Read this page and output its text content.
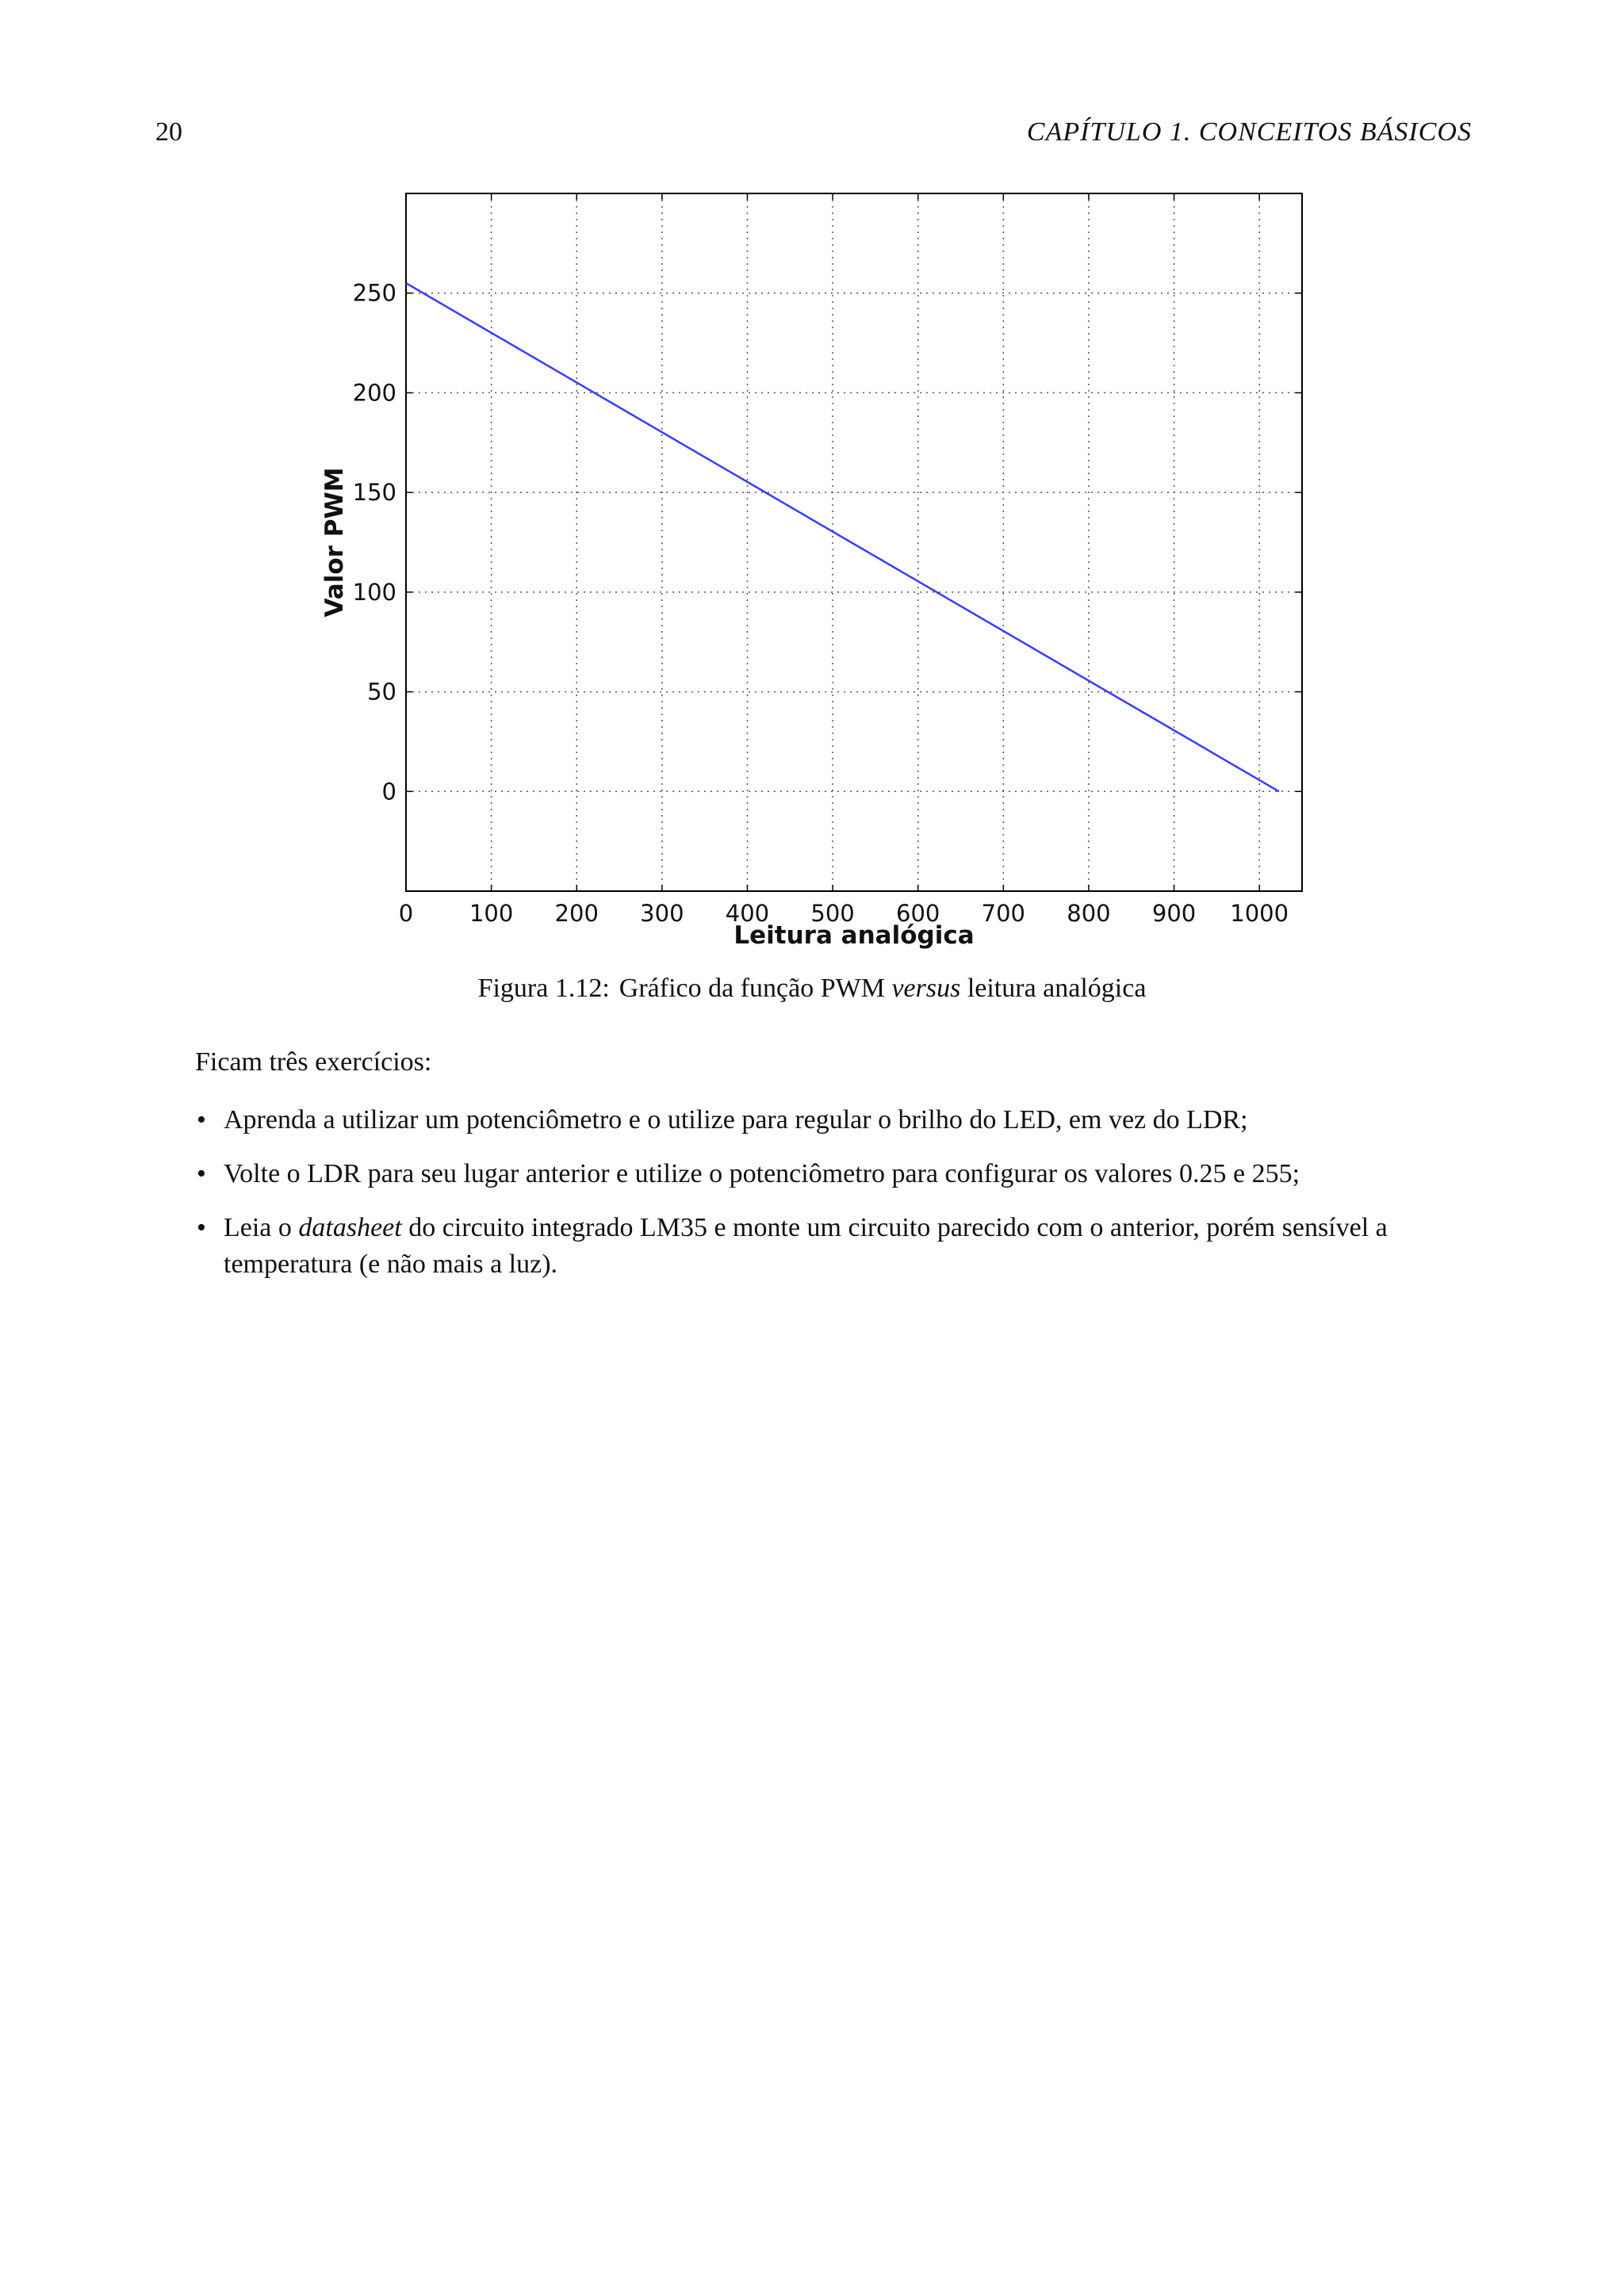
20	CAPÍTULO 1. CONCEITOS BÁSICOS
0 100 200 300 400 500 600 700 800 900 1000
0
50
100
150
200
250
Leitura analógica
Valor PWM
Figura 1.12: Gráfico da função PWM versus leitura analógica
Ficam três exercícios:
• Aprenda a utilizar um potenciômetro e o utilize para regular o brilho do LED, em vez do LDR;
• Volte o LDR para seu lugar anterior e utilize o potenciômetro para configurar os valores 0.25 e 255;
• Leia o datasheet do circuito integrado LM35 e monte um circuito parecido com o anterior, porém sensível a temperatura (e não mais a luz).
